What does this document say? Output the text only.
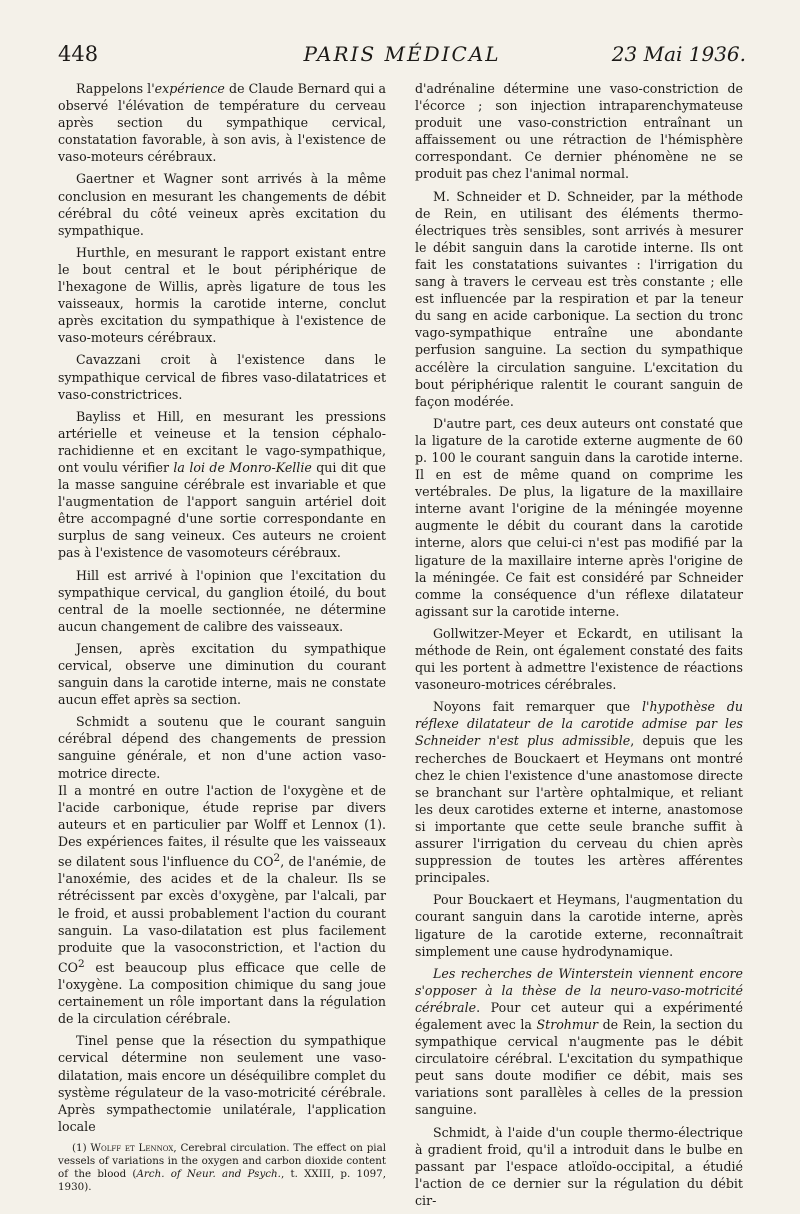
448	PARIS MÉDICAL	23 Mai 1936.

Rappelons l'expérience de Claude Bernard qui a observé l'élévation de température du cerveau après section du sympathique cervical, constatation favorable, à son avis, à l'existence de vaso-moteurs cérébraux.

Gaertner et Wagner sont arrivés à la même conclusion en mesurant les changements de débit cérébral du côté veineux après excitation du sympathique.

Hurthle, en mesurant le rapport existant entre le bout central et le bout périphérique de l'hexagone de Willis, après ligature de tous les vaisseaux, hormis la carotide interne, conclut après excitation du sympathique à l'existence de vaso-moteurs cérébraux.

Cavazzani croit à l'existence dans le sympathique cervical de fibres vaso-dilatatrices et vaso-constrictrices.

Bayliss et Hill, en mesurant les pressions artérielle et veineuse et la tension céphalo-rachidienne et en excitant le vago-sympathique, ont voulu vérifier la loi de Monro-Kellie qui dit que la masse sanguine cérébrale est invariable et que l'augmentation de l'apport sanguin artériel doit être accompagné d'une sortie correspondante en surplus de sang veineux. Ces auteurs ne croient pas à l'existence de vasomoteurs cérébraux.

Hill est arrivé à l'opinion que l'excitation du sympathique cervical, du ganglion étoilé, du bout central de la moelle sectionnée, ne détermine aucun changement de calibre des vaisseaux.

Jensen, après excitation du sympathique cervical, observe une diminution du courant sanguin dans la carotide interne, mais ne constate aucun effet après sa section.

Schmidt a soutenu que le courant sanguin cérébral dépend des changements de pression sanguine générale, et non d'une action vaso-motrice directe.

Il a montré en outre l'action de l'oxygène et de l'acide carbonique, étude reprise par divers auteurs et en particulier par Wolff et Lennox (1). Des expériences faites, il résulte que les vaisseaux se dilatent sous l'influence du $CO^2$, de l'anémie, de l'anoxémie, des acides et de la chaleur. Ils se rétrécissent par excès d'oxygène, par l'alcali, par le froid, et aussi probablement l'action du courant sanguin. La vaso-dilatation est plus facilement produite que la vasoconstriction, et l'action du $CO^2$ est beaucoup plus efficace que celle de l'oxygène. La composition chimique du sang joue certainement un rôle important dans la régulation de la circulation cérébrale.

Tinel pense que la résection du sympathique cervical détermine non seulement une vaso-dilatation, mais encore un déséquilibre complet du système régulateur de la vaso-motricité cérébrale. Après sympathectomie unilatérale, l'application locale

(1) Wolff et Lennox, Cerebral circulation. The effect on pial vessels of variations in the oxygen and carbon dioxide content of the blood (Arch. of Neur. and Psych., t. XXIII, p. 1097, 1930).

d'adrénaline détermine une vaso-constriction de l'écorce ; son injection intraparenchymateuse produit une vaso-constriction entraînant un affaissement ou une rétraction de l'hémisphère correspondant. Ce dernier phénomène ne se produit pas chez l'animal normal.

M. Schneider et D. Schneider, par la méthode de Rein, en utilisant des éléments thermo-électriques très sensibles, sont arrivés à mesurer le débit sanguin dans la carotide interne. Ils ont fait les constatations suivantes : l'irrigation du sang à travers le cerveau est très constante ; elle est influencée par la respiration et par la teneur du sang en acide carbonique. La section du tronc vago-sympathique entraîne une abondante perfusion sanguine. La section du sympathique accélère la circulation sanguine. L'excitation du bout périphérique ralentit le courant sanguin de façon modérée.

D'autre part, ces deux auteurs ont constaté que la ligature de la carotide externe augmente de 60 p. 100 le courant sanguin dans la carotide interne. Il en est de même quand on comprime les vertébrales. De plus, la ligature de la maxillaire interne avant l'origine de la méningée moyenne augmente le débit du courant dans la carotide interne, alors que celui-ci n'est pas modifié par la ligature de la maxillaire interne après l'origine de la méningée. Ce fait est considéré par Schneider comme la conséquence d'un réflexe dilatateur agissant sur la carotide interne.

Gollwitzer-Meyer et Eckardt, en utilisant la méthode de Rein, ont également constaté des faits qui les portent à admettre l'existence de réactions vasoneuro-motrices cérébrales.

Noyons fait remarquer que l'hypothèse du réflexe dilatateur de la carotide admise par les Schneider n'est plus admissible, depuis que les recherches de Bouckaert et Heymans ont montré chez le chien l'existence d'une anastomose directe se branchant sur l'artère ophtalmique, et reliant les deux carotides externe et interne, anastomose si importante que cette seule branche suffit à assurer l'irrigation du cerveau du chien après suppression de toutes les artères afférentes principales.

Pour Bouckaert et Heymans, l'augmentation du courant sanguin dans la carotide interne, après ligature de la carotide externe, reconnaîtrait simplement une cause hydrodynamique.

Les recherches de Winterstein viennent encore s'opposer à la thèse de la neuro-vaso-motricité cérébrale. Pour cet auteur qui a expérimenté également avec la Strohmur de Rein, la section du sympathique cervical n'augmente pas le débit circulatoire cérébral. L'excitation du sympathique peut sans doute modifier ce débit, mais ses variations sont parallèles à celles de la pression sanguine.

Schmidt, à l'aide d'un couple thermo-électrique à gradient froid, qu'il a introduit dans le bulbe en passant par l'espace atloïdo-occipital, a étudié l'action de ce dernier sur la régulation du débit cir-
